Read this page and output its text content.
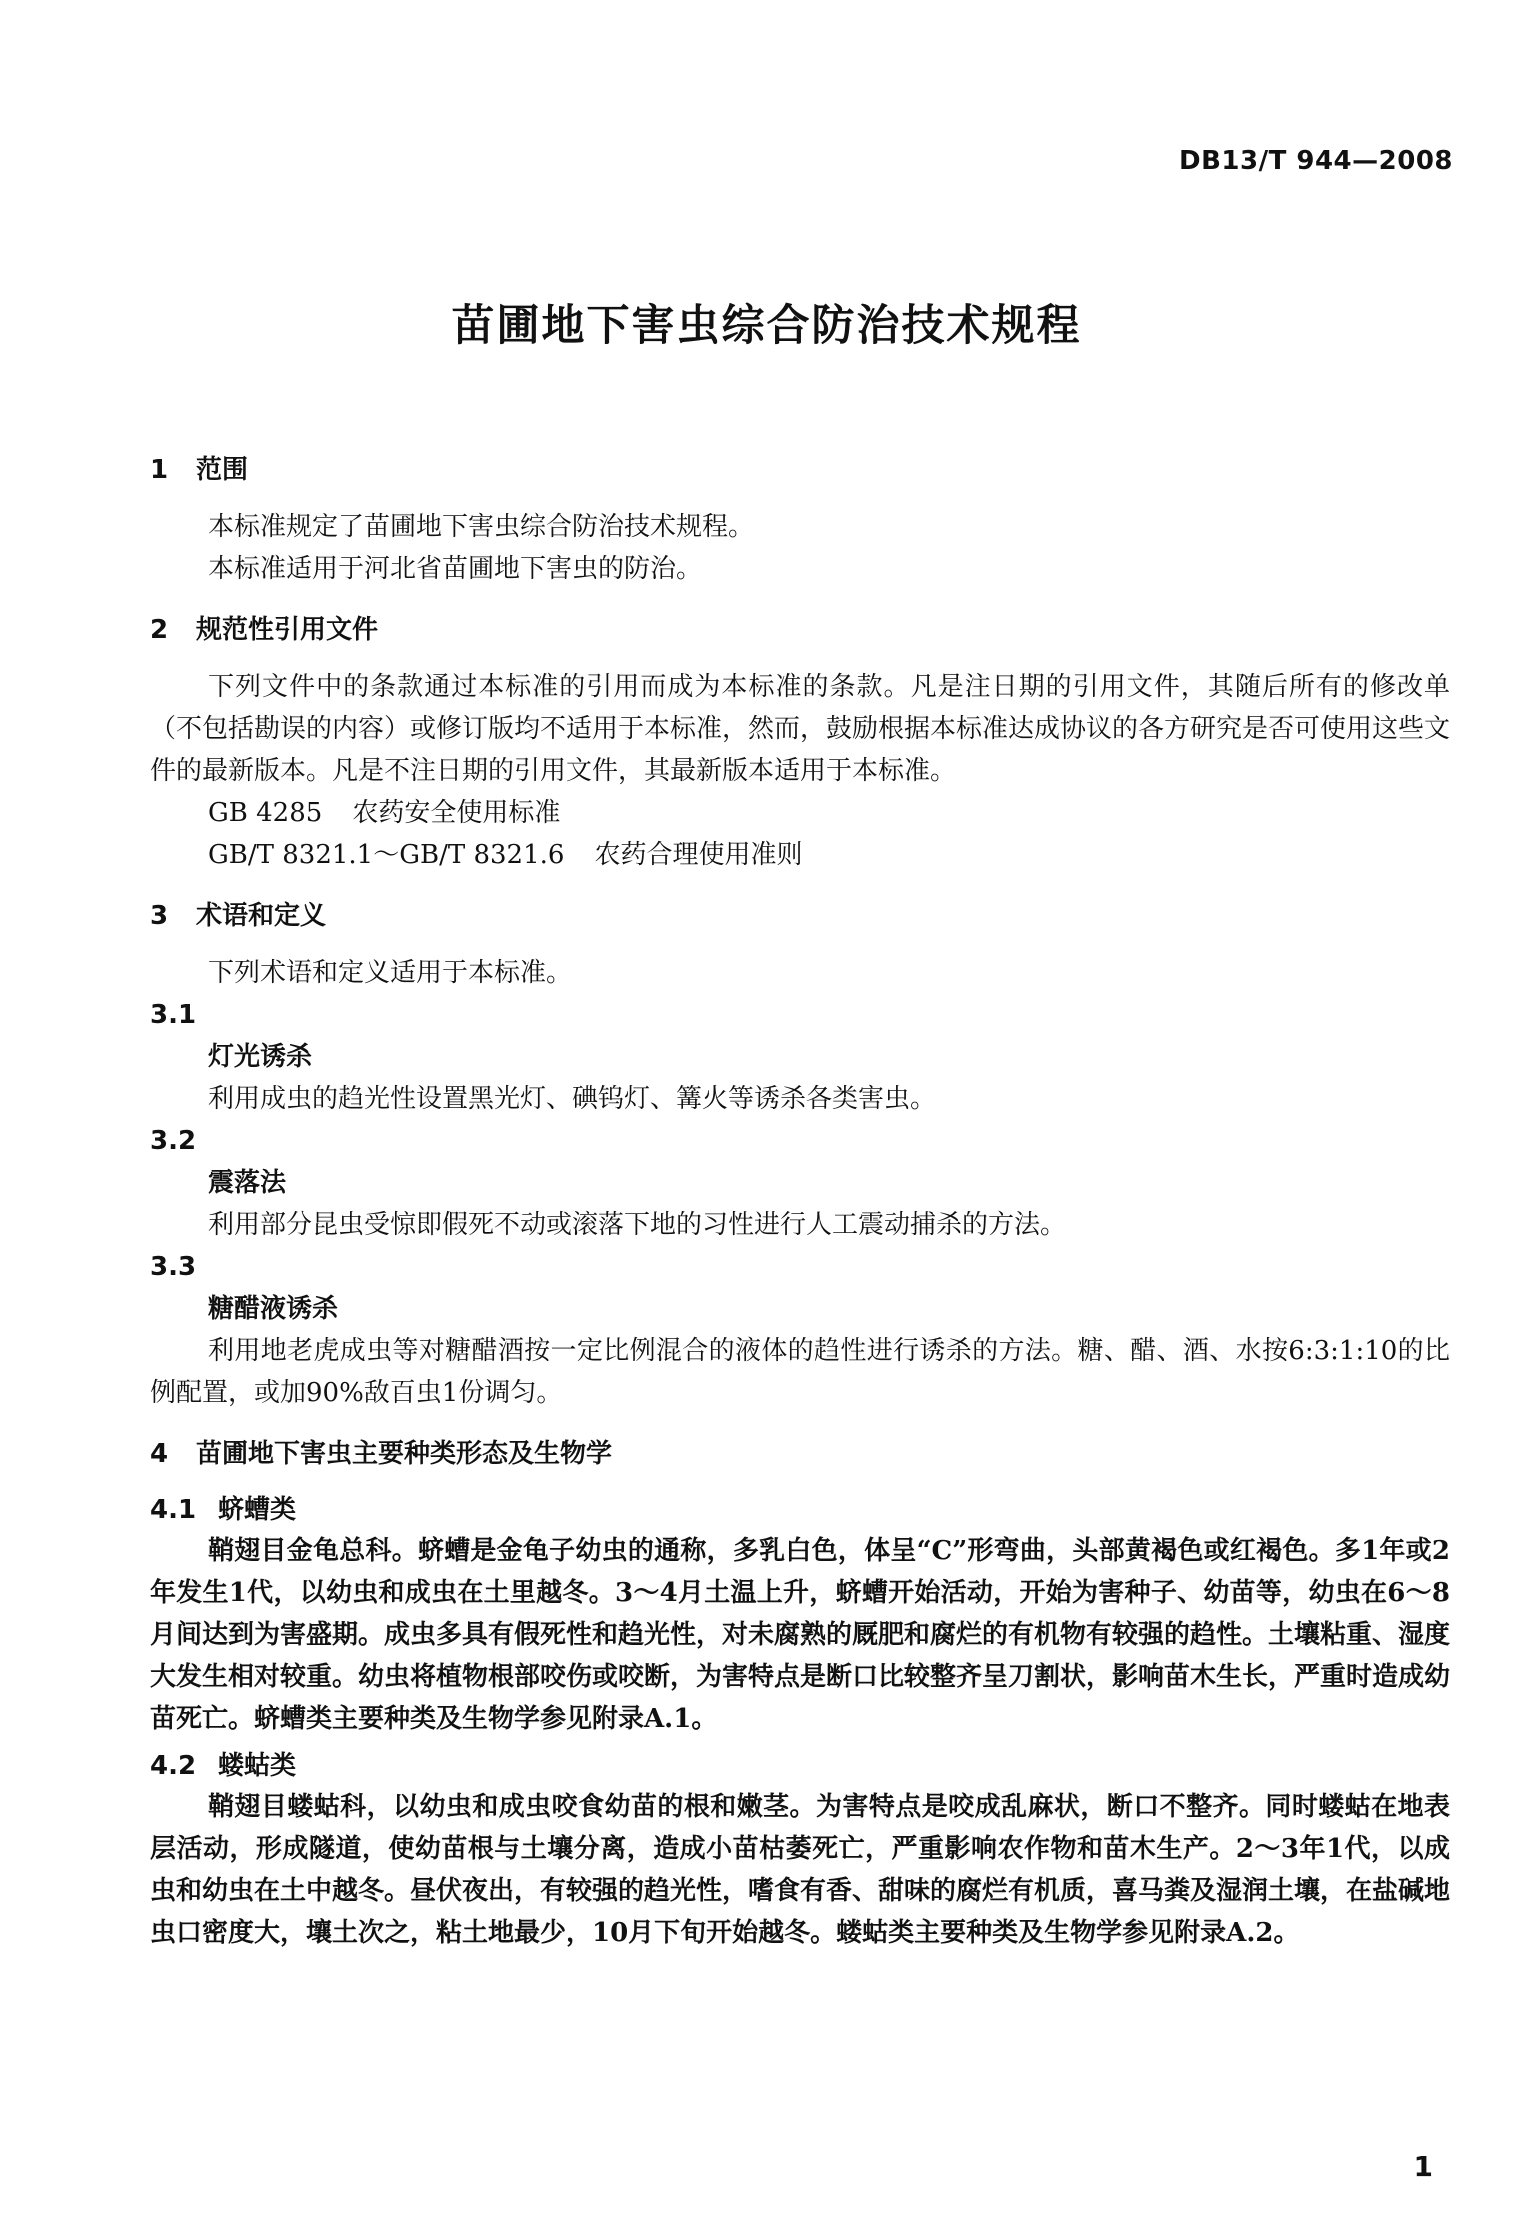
DB13/T 944—2008
苗圃地下害虫综合防治技术规程
1 范围

本标准规定了苗圃地下害虫综合防治技术规程。

本标准适用于河北省苗圃地下害虫的防治。

2 规范性引用文件

下列文件中的条款通过本标准的引用而成为本标准的条款。凡是注日期的引用文件，其随后所有的修改单（不包括勘误的内容）或修订版均不适用于本标准，然而，鼓励根据本标准达成协议的各方研究是否可使用这些文件的最新版本。凡是不注日期的引用文件，其最新版本适用于本标准。

GB 4285 农药安全使用标准

GB/T 8321.1～GB/T 8321.6 农药合理使用准则

3 术语和定义

下列术语和定义适用于本标准。

3.1
灯光诱杀

利用成虫的趋光性设置黑光灯、碘钨灯、篝火等诱杀各类害虫。

3.2
震落法

利用部分昆虫受惊即假死不动或滚落下地的习性进行人工震动捕杀的方法。

3.3
糖醋液诱杀

利用地老虎成虫等对糖醋酒按一定比例混合的液体的趋性进行诱杀的方法。糖、醋、酒、水按6:3:1:10的比例配置，或加90%敌百虫1份调匀。

4 苗圃地下害虫主要种类形态及生物学
4.1 蛴螬类

鞘翅目金龟总科。蛴螬是金龟子幼虫的通称，多乳白色，体呈“C”形弯曲，头部黄褐色或红褐色。多1年或2年发生1代，以幼虫和成虫在土里越冬。3～4月土温上升，蛴螬开始活动，开始为害种子、幼苗等，幼虫在6～8月间达到为害盛期。成虫多具有假死性和趋光性，对未腐熟的厩肥和腐烂的有机物有较强的趋性。土壤粘重、湿度大发生相对较重。幼虫将植物根部咬伤或咬断，为害特点是断口比较整齐呈刀割状，影响苗木生长，严重时造成幼苗死亡。蛴螬类主要种类及生物学参见附录A.1。

4.2 蝼蛄类

鞘翅目蝼蛄科，以幼虫和成虫咬食幼苗的根和嫩茎。为害特点是咬成乱麻状，断口不整齐。同时蝼蛄在地表层活动，形成隧道，使幼苗根与土壤分离，造成小苗枯萎死亡，严重影响农作物和苗木生产。2～3年1代，以成虫和幼虫在土中越冬。昼伏夜出，有较强的趋光性，嗜食有香、甜味的腐烂有机质，喜马粪及湿润土壤，在盐碱地虫口密度大，壤土次之，粘土地最少，10月下旬开始越冬。蝼蛄类主要种类及生物学参见附录A.2。

1
